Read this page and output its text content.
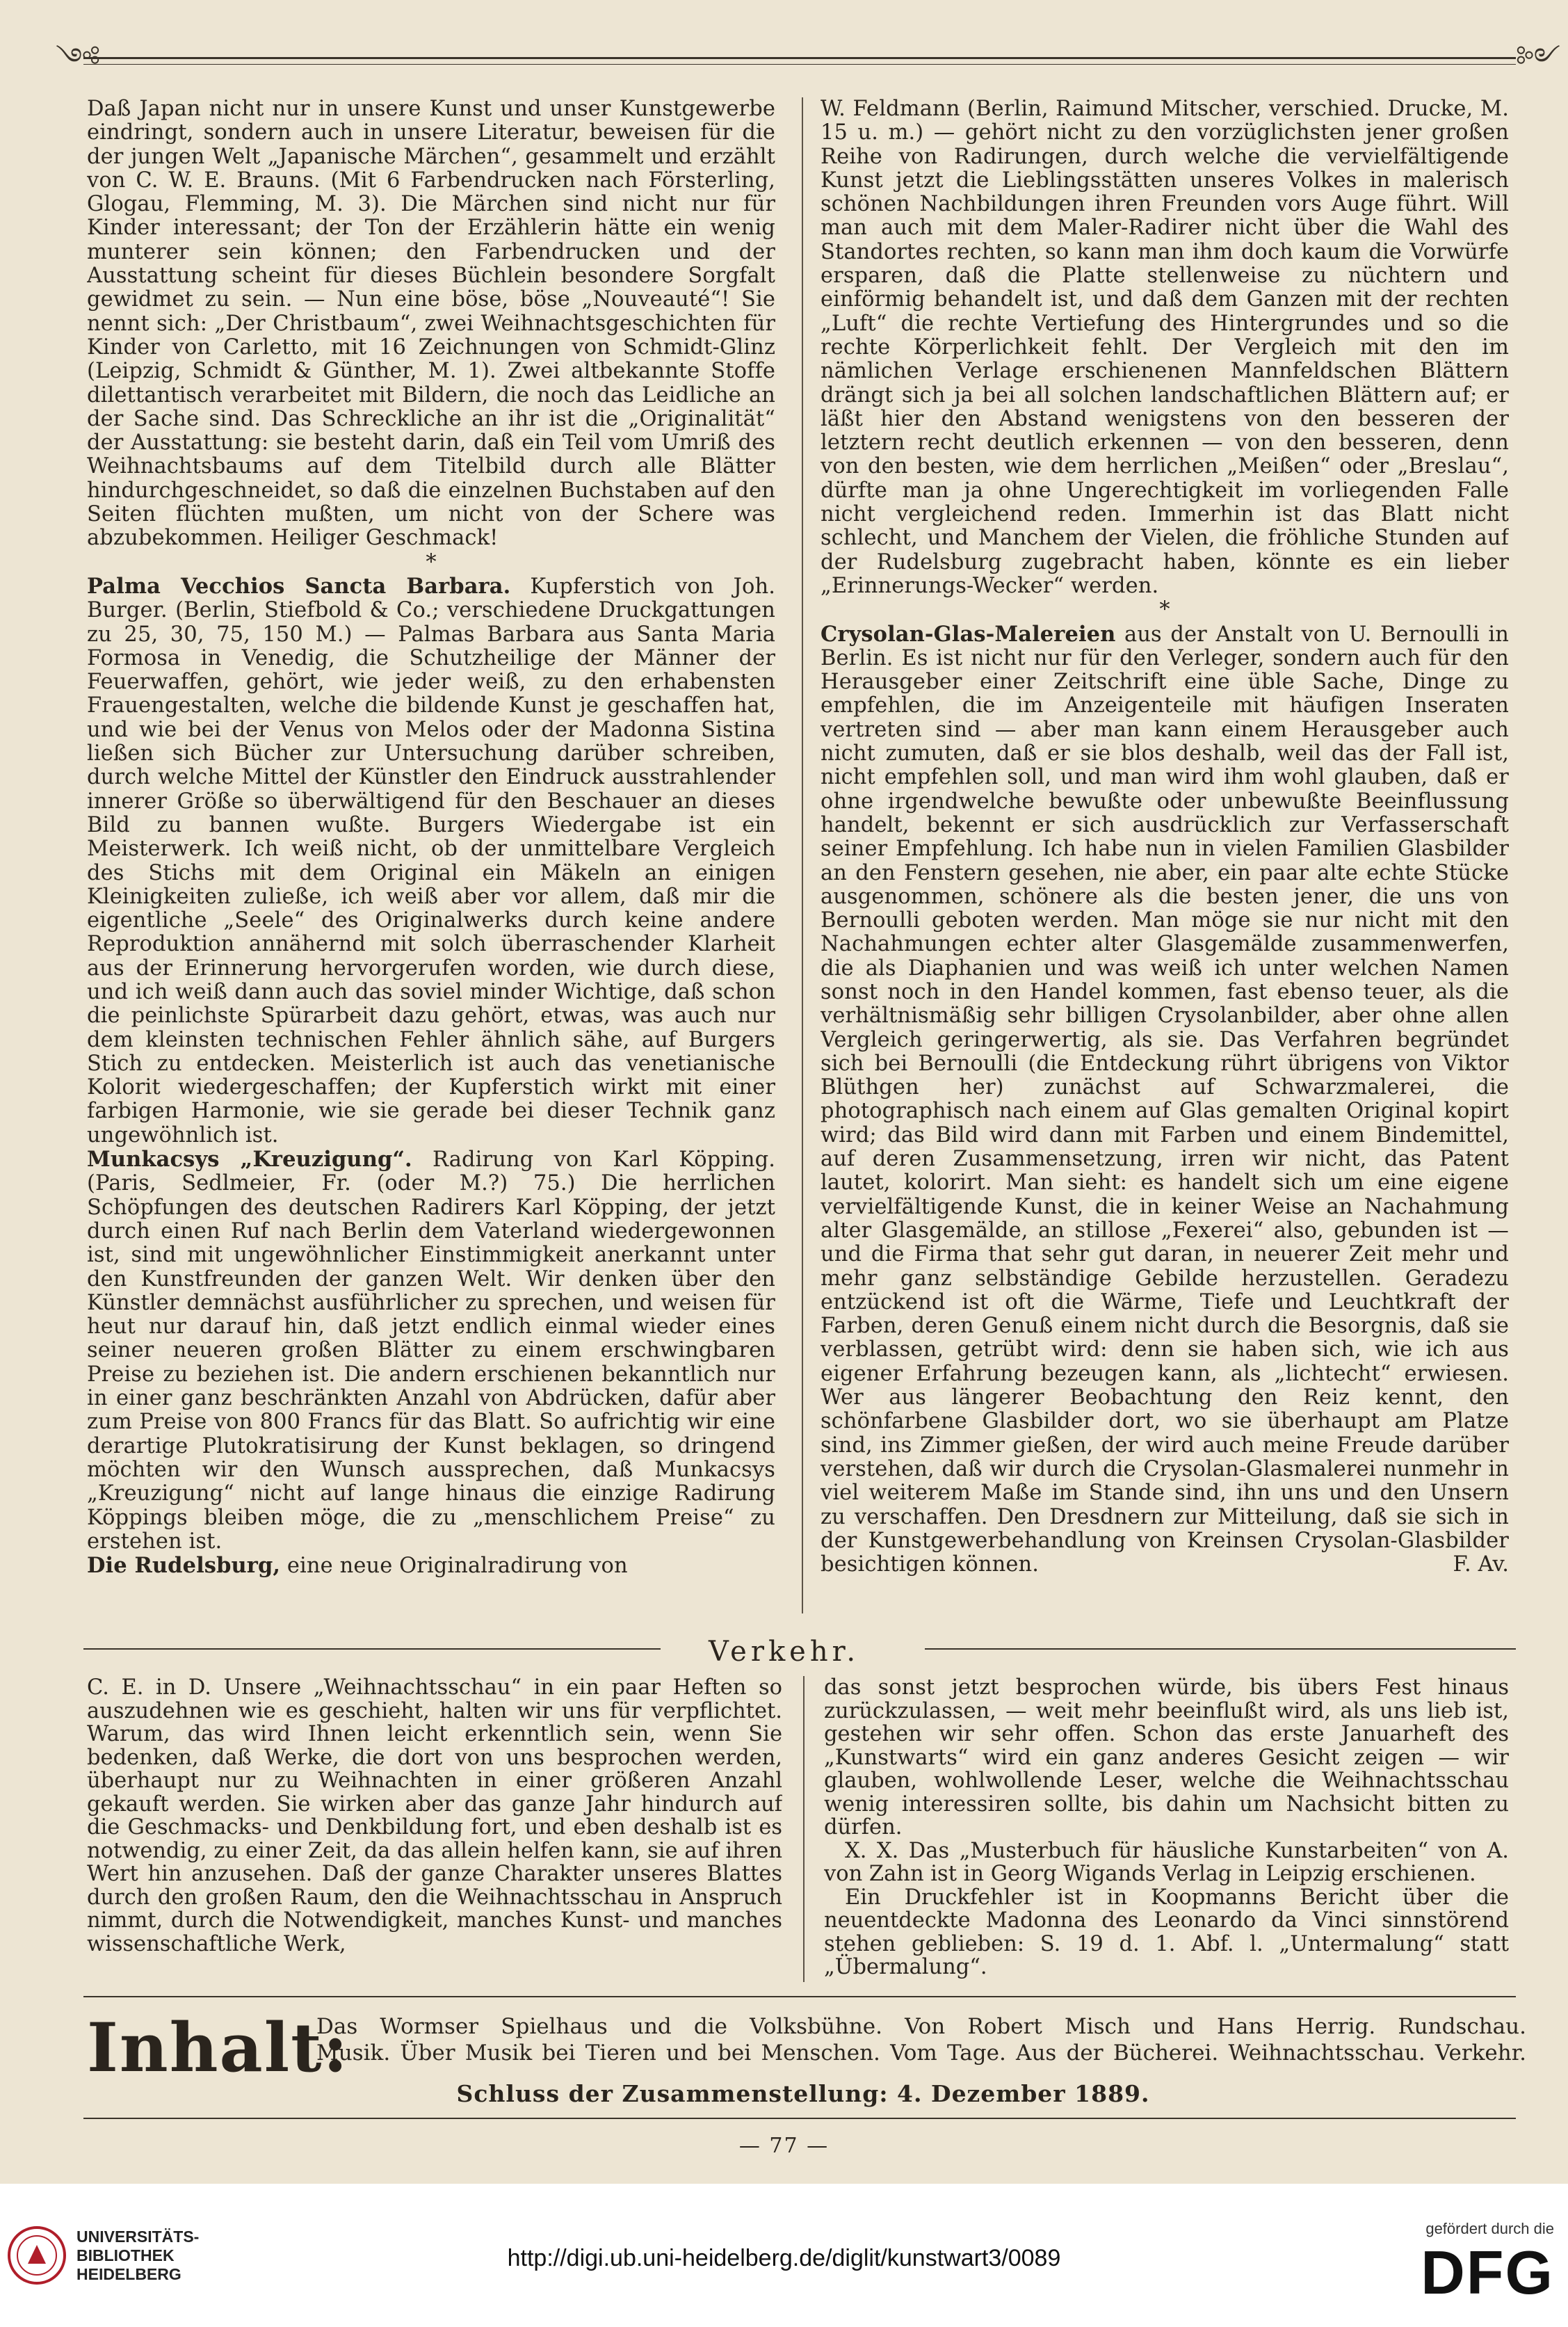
༺	༻

Daß Japan nicht nur in unsere Kunst und unser Kunstgewerbe eindringt, sondern auch in unsere Literatur, beweisen für die der jungen Welt „Japanische Märchen“, gesammelt und erzählt von C. W. E. Brauns. (Mit 6 Farbendrucken nach Försterling, Glogau, Flemming, M. 3). Die Märchen sind nicht nur für Kinder interessant; der Ton der Erzählerin hätte ein wenig munterer sein können; den Farbendrucken und der Ausstattung scheint für dieses Büchlein besondere Sorgfalt gewidmet zu sein. — Nun eine böse, böse „Nouveauté“! Sie nennt sich: „Der Christbaum“, zwei Weihnachtsgeschichten für Kinder von Carletto, mit 16 Zeichnungen von Schmidt-Glinz (Leipzig, Schmidt & Günther, M. 1). Zwei altbekannte Stoffe dilettantisch verarbeitet mit Bildern, die noch das Leidliche an der Sache sind. Das Schreckliche an ihr ist die „Originalität“ der Ausstattung: sie besteht darin, daß ein Teil vom Umriß des Weihnachtsbaums auf dem Titelbild durch alle Blätter hindurchgeschneidet, so daß die einzelnen Buchstaben auf den Seiten flüchten mußten, um nicht von der Schere was abzubekommen. Heiliger Geschmack!

*

Palma Vecchios Sancta Barbara. Kupferstich von Joh. Burger. (Berlin, Stiefbold & Co.; verschiedene Druckgattungen zu 25, 30, 75, 150 M.) — Palmas Barbara aus Santa Maria Formosa in Venedig, die Schutzheilige der Männer der Feuerwaffen, gehört, wie jeder weiß, zu den erhabensten Frauengestalten, welche die bildende Kunst je geschaffen hat, und wie bei der Venus von Melos oder der Madonna Sistina ließen sich Bücher zur Untersuchung darüber schreiben, durch welche Mittel der Künstler den Eindruck ausstrahlender innerer Größe so überwältigend für den Beschauer an dieses Bild zu bannen wußte. Burgers Wiedergabe ist ein Meisterwerk. Ich weiß nicht, ob der unmittelbare Vergleich des Stichs mit dem Original ein Mäkeln an einigen Kleinigkeiten zuließe, ich weiß aber vor allem, daß mir die eigentliche „Seele“ des Originalwerks durch keine andere Reproduktion annähernd mit solch überraschender Klarheit aus der Erinnerung hervorgerufen worden, wie durch diese, und ich weiß dann auch das soviel minder Wichtige, daß schon die peinlichste Spürarbeit dazu gehört, etwas, was auch nur dem kleinsten technischen Fehler ähnlich sähe, auf Burgers Stich zu entdecken. Meisterlich ist auch das venetianische Kolorit wiedergeschaffen; der Kupferstich wirkt mit einer farbigen Harmonie, wie sie gerade bei dieser Technik ganz ungewöhnlich ist.

Munkacsys „Kreuzigung“. Radirung von Karl Köpping. (Paris, Sedlmeier, Fr. (oder M.?) 75.) Die herrlichen Schöpfungen des deutschen Radirers Karl Köpping, der jetzt durch einen Ruf nach Berlin dem Vaterland wiedergewonnen ist, sind mit ungewöhnlicher Einstimmigkeit anerkannt unter den Kunstfreunden der ganzen Welt. Wir denken über den Künstler demnächst ausführlicher zu sprechen, und weisen für heut nur darauf hin, daß jetzt endlich einmal wieder eines seiner neueren großen Blätter zu einem erschwingbaren Preise zu beziehen ist. Die andern erschienen bekanntlich nur in einer ganz beschränkten Anzahl von Abdrücken, dafür aber zum Preise von 800 Francs für das Blatt. So aufrichtig wir eine derartige Plutokratisirung der Kunst beklagen, so dringend möchten wir den Wunsch aussprechen, daß Munkacsys „Kreuzigung“ nicht auf lange hinaus die einzige Radirung Köppings bleiben möge, die zu „menschlichem Preise“ zu erstehen ist.

Die Rudelsburg, eine neue Originalradirung von

W. Feldmann (Berlin, Raimund Mitscher, verschied. Drucke, M. 15 u. m.) — gehört nicht zu den vorzüglichsten jener großen Reihe von Radirungen, durch welche die vervielfältigende Kunst jetzt die Lieblingsstätten unseres Volkes in malerisch schönen Nachbildungen ihren Freunden vors Auge führt. Will man auch mit dem Maler-Radirer nicht über die Wahl des Standortes rechten, so kann man ihm doch kaum die Vorwürfe ersparen, daß die Platte stellenweise zu nüchtern und einförmig behandelt ist, und daß dem Ganzen mit der rechten „Luft“ die rechte Vertiefung des Hintergrundes und so die rechte Körperlichkeit fehlt. Der Vergleich mit den im nämlichen Verlage erschienenen Mannfeldschen Blättern drängt sich ja bei all solchen landschaftlichen Blättern auf; er läßt hier den Abstand wenigstens von den besseren der letztern recht deutlich erkennen — von den besseren, denn von den besten, wie dem herrlichen „Meißen“ oder „Breslau“, dürfte man ja ohne Ungerechtigkeit im vorliegenden Falle nicht vergleichend reden. Immerhin ist das Blatt nicht schlecht, und Manchem der Vielen, die fröhliche Stunden auf der Rudelsburg zugebracht haben, könnte es ein lieber „Erinnerungs-Wecker“ werden.

*

Crysolan-Glas-Malereien aus der Anstalt von U. Bernoulli in Berlin. Es ist nicht nur für den Verleger, sondern auch für den Herausgeber einer Zeitschrift eine üble Sache, Dinge zu empfehlen, die im Anzeigenteile mit häufigen Inseraten vertreten sind — aber man kann einem Herausgeber auch nicht zumuten, daß er sie blos deshalb, weil das der Fall ist, nicht empfehlen soll, und man wird ihm wohl glauben, daß er ohne irgendwelche bewußte oder unbewußte Beeinflussung handelt, bekennt er sich ausdrücklich zur Verfasserschaft seiner Empfehlung. Ich habe nun in vielen Familien Glasbilder an den Fenstern gesehen, nie aber, ein paar alte echte Stücke ausgenommen, schönere als die besten jener, die uns von Bernoulli geboten werden. Man möge sie nur nicht mit den Nachahmungen echter alter Glasgemälde zusammenwerfen, die als Diaphanien und was weiß ich unter welchen Namen sonst noch in den Handel kommen, fast ebenso teuer, als die verhältnismäßig sehr billigen Crysolanbilder, aber ohne allen Vergleich geringerwertig, als sie. Das Verfahren begründet sich bei Bernoulli (die Entdeckung rührt übrigens von Viktor Blüthgen her) zunächst auf Schwarzmalerei, die photographisch nach einem auf Glas gemalten Original kopirt wird; das Bild wird dann mit Farben und einem Bindemittel, auf deren Zusammensetzung, irren wir nicht, das Patent lautet, kolorirt. Man sieht: es handelt sich um eine eigene vervielfältigende Kunst, die in keiner Weise an Nachahmung alter Glasgemälde, an stillose „Fexerei“ also, gebunden ist — und die Firma that sehr gut daran, in neuerer Zeit mehr und mehr ganz selbständige Gebilde herzustellen. Geradezu entzückend ist oft die Wärme, Tiefe und Leuchtkraft der Farben, deren Genuß einem nicht durch die Besorgnis, daß sie verblassen, getrübt wird: denn sie haben sich, wie ich aus eigener Erfahrung bezeugen kann, als „lichtecht“ erwiesen. Wer aus längerer Beobachtung den Reiz kennt, den schönfarbene Glasbilder dort, wo sie überhaupt am Platze sind, ins Zimmer gießen, der wird auch meine Freude darüber verstehen, daß wir durch die Crysolan-Glasmalerei nunmehr in viel weiterem Maße im Stande sind, ihn uns und den Unsern zu verschaffen. Den Dresdnern zur Mitteilung, daß sie sich in der Kunstgewerbehandlung von Kreinsen Crysolan-Glasbilder besichtigen können.	F. Av.

Verkehr.

C. E. in D. Unsere „Weihnachtsschau“ in ein paar Heften so auszudehnen wie es geschieht, halten wir uns für verpflichtet. Warum, das wird Ihnen leicht erkenntlich sein, wenn Sie bedenken, daß Werke, die dort von uns besprochen werden, überhaupt nur zu Weihnachten in einer größeren Anzahl gekauft werden. Sie wirken aber das ganze Jahr hindurch auf die Geschmacks- und Denkbildung fort, und eben deshalb ist es notwendig, zu einer Zeit, da das allein helfen kann, sie auf ihren Wert hin anzusehen. Daß der ganze Charakter unseres Blattes durch den großen Raum, den die Weihnachtsschau in Anspruch nimmt, durch die Notwendigkeit, manches Kunst- und manches wissenschaftliche Werk,

das sonst jetzt besprochen würde, bis übers Fest hinaus zurückzulassen, — weit mehr beeinflußt wird, als uns lieb ist, gestehen wir sehr offen. Schon das erste Januarheft des „Kunstwarts“ wird ein ganz anderes Gesicht zeigen — wir glauben, wohlwollende Leser, welche die Weihnachtsschau wenig interessiren sollte, bis dahin um Nachsicht bitten zu dürfen.

X. X. Das „Musterbuch für häusliche Kunstarbeiten“ von A. von Zahn ist in Georg Wigands Verlag in Leipzig erschienen.

Ein Druckfehler ist in Koopmanns Bericht über die neuentdeckte Madonna des Leonardo da Vinci sinnstörend stehen geblieben: S. 19 d. 1. Abf. l. „Untermalung“ statt „Übermalung“.

Inhalt:
Das Wormser Spielhaus und die Volksbühne. Von Robert Misch und Hans Herrig. Rundschau.
Musik. Über Musik bei Tieren und bei Menschen. Vom Tage. Aus der Bücherei. Weihnachtsschau. Verkehr.
Schluss der Zusammenstellung: 4. Dezember 1889.
— 77 —
UNIVERSITÄTS-
BIBLIOTHEK
HEIDELBERG
http://digi.ub.uni-heidelberg.de/diglit/kunstwart3/0089
gefördert durch die
DFG
